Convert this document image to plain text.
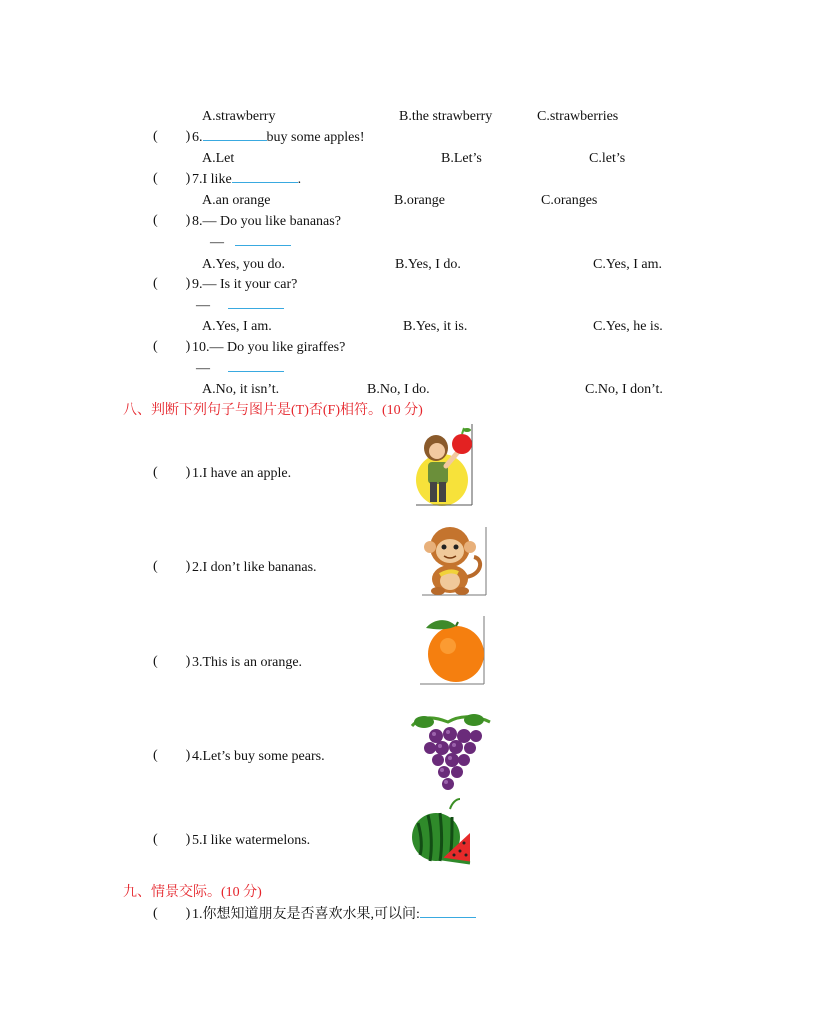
A.strawberry	B.the strawberry	C.strawberries
(        ) 6.	buy some apples!
A.Let	B.Let’s	C.let’s
(        ) 7.I like	.
A.an orange	B.orange	C.oranges
(        ) 8.— Do you like bananas?
—
A.Yes, you do.	B.Yes, I do.	C.Yes, I am.
(        ) 9.— Is it your car?
—
A.Yes, I am.	B.Yes, it is.	C.Yes, he is.
(        ) 10.— Do you like giraffes?
—
A.No, it isn’t.	B.No, I do.	C.No, I don’t.
八、判断下列句子与图片是(T)否(F)相符。(10 分)
(        ) 1.I have an apple.
(        ) 2.I don’t like bananas.
(        ) 3.This is an orange.
(        ) 4.Let’s buy some pears.
(        ) 5.I like watermelons.
九、情景交际。(10 分)
(        ) 1.你想知道朋友是否喜欢水果,可以问:
